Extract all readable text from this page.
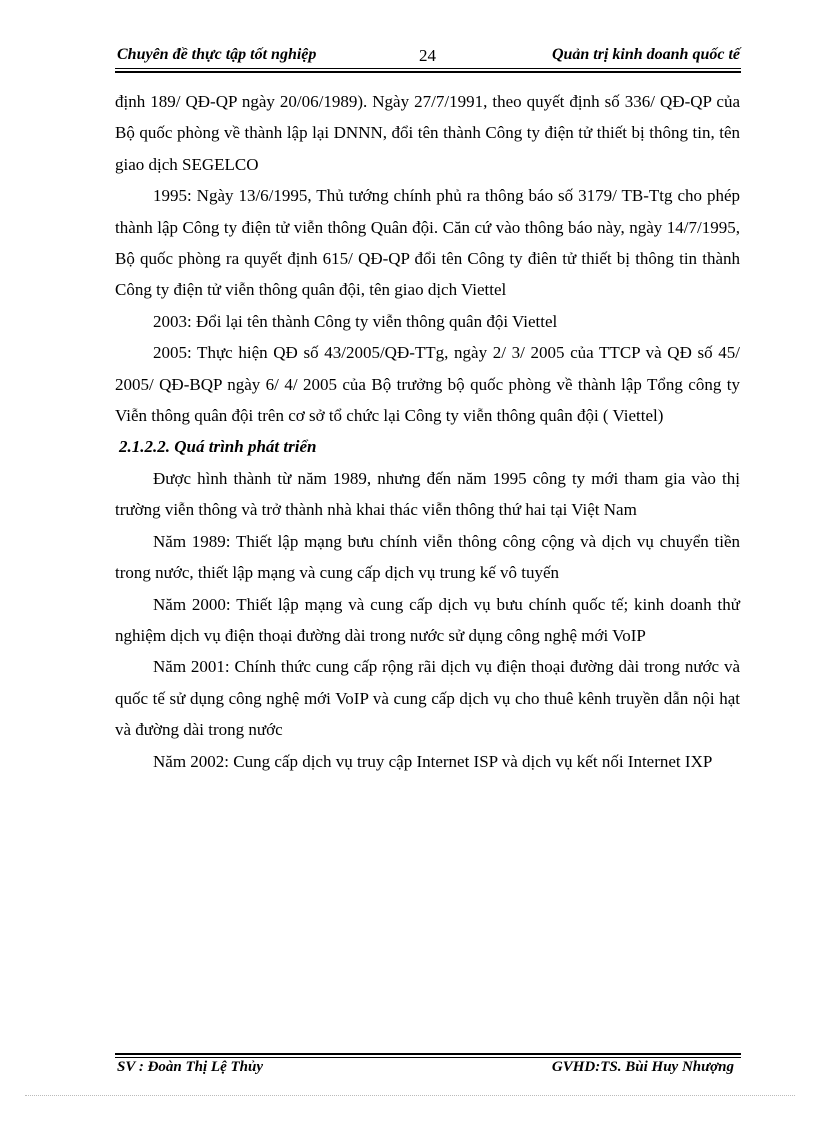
Chuyên đề thực tập tốt nghiệp	24	Quản trị kinh doanh quốc tế

định 189/ QĐ-QP ngày 20/06/1989). Ngày 27/7/1991, theo quyết định số 336/ QĐ-QP của Bộ quốc phòng về thành lập lại DNNN, đổi tên thành Công ty điện tử thiết bị thông tin, tên giao dịch SEGELCO

1995: Ngày 13/6/1995, Thủ tướng chính phủ ra thông báo số 3179/ TB-Ttg cho phép thành lập Công ty điện tử viễn thông Quân đội. Căn cứ vào thông báo này, ngày 14/7/1995, Bộ quốc phòng ra quyết định 615/ QĐ-QP đổi tên Công ty điên tử thiết bị thông tin thành Công ty điện tử viễn thông quân đội, tên giao dịch Viettel

2003: Đổi lại tên thành Công ty viễn thông quân đội Viettel

2005: Thực hiện QĐ số 43/2005/QĐ-TTg, ngày 2/ 3/ 2005 của TTCP và QĐ số 45/ 2005/ QĐ-BQP ngày 6/ 4/ 2005 của Bộ trưởng bộ quốc phòng về thành lập Tổng công ty Viễn thông quân đội trên cơ sở tổ chức lại Công ty viễn thông quân đội ( Viettel)

2.1.2.2. Quá trình phát triển

Được hình thành từ năm 1989, nhưng đến năm 1995 công ty mới tham gia vào thị trường viễn thông và trở thành nhà khai thác viễn thông thứ hai tại Việt Nam

Năm 1989: Thiết lập mạng bưu chính viễn thông công cộng và dịch vụ chuyển tiền trong nước, thiết lập mạng và cung cấp dịch vụ trung kế vô tuyến

Năm 2000: Thiết lập mạng và cung cấp dịch vụ bưu chính quốc tế; kinh doanh thử nghiệm dịch vụ điện thoại đường dài trong nước sử dụng công nghệ mới VoIP

Năm 2001: Chính thức cung cấp rộng rãi dịch vụ điện thoại đường dài trong nước và quốc tế sử dụng công nghệ mới VoIP và cung cấp dịch vụ cho thuê kênh truyền dẫn nội hạt và đường dài trong nước

Năm 2002: Cung cấp dịch vụ truy cập Internet ISP và dịch vụ kết nối Internet IXP

SV : Đoàn Thị Lệ Thủy	GVHD:TS. Bùi Huy Nhượng
